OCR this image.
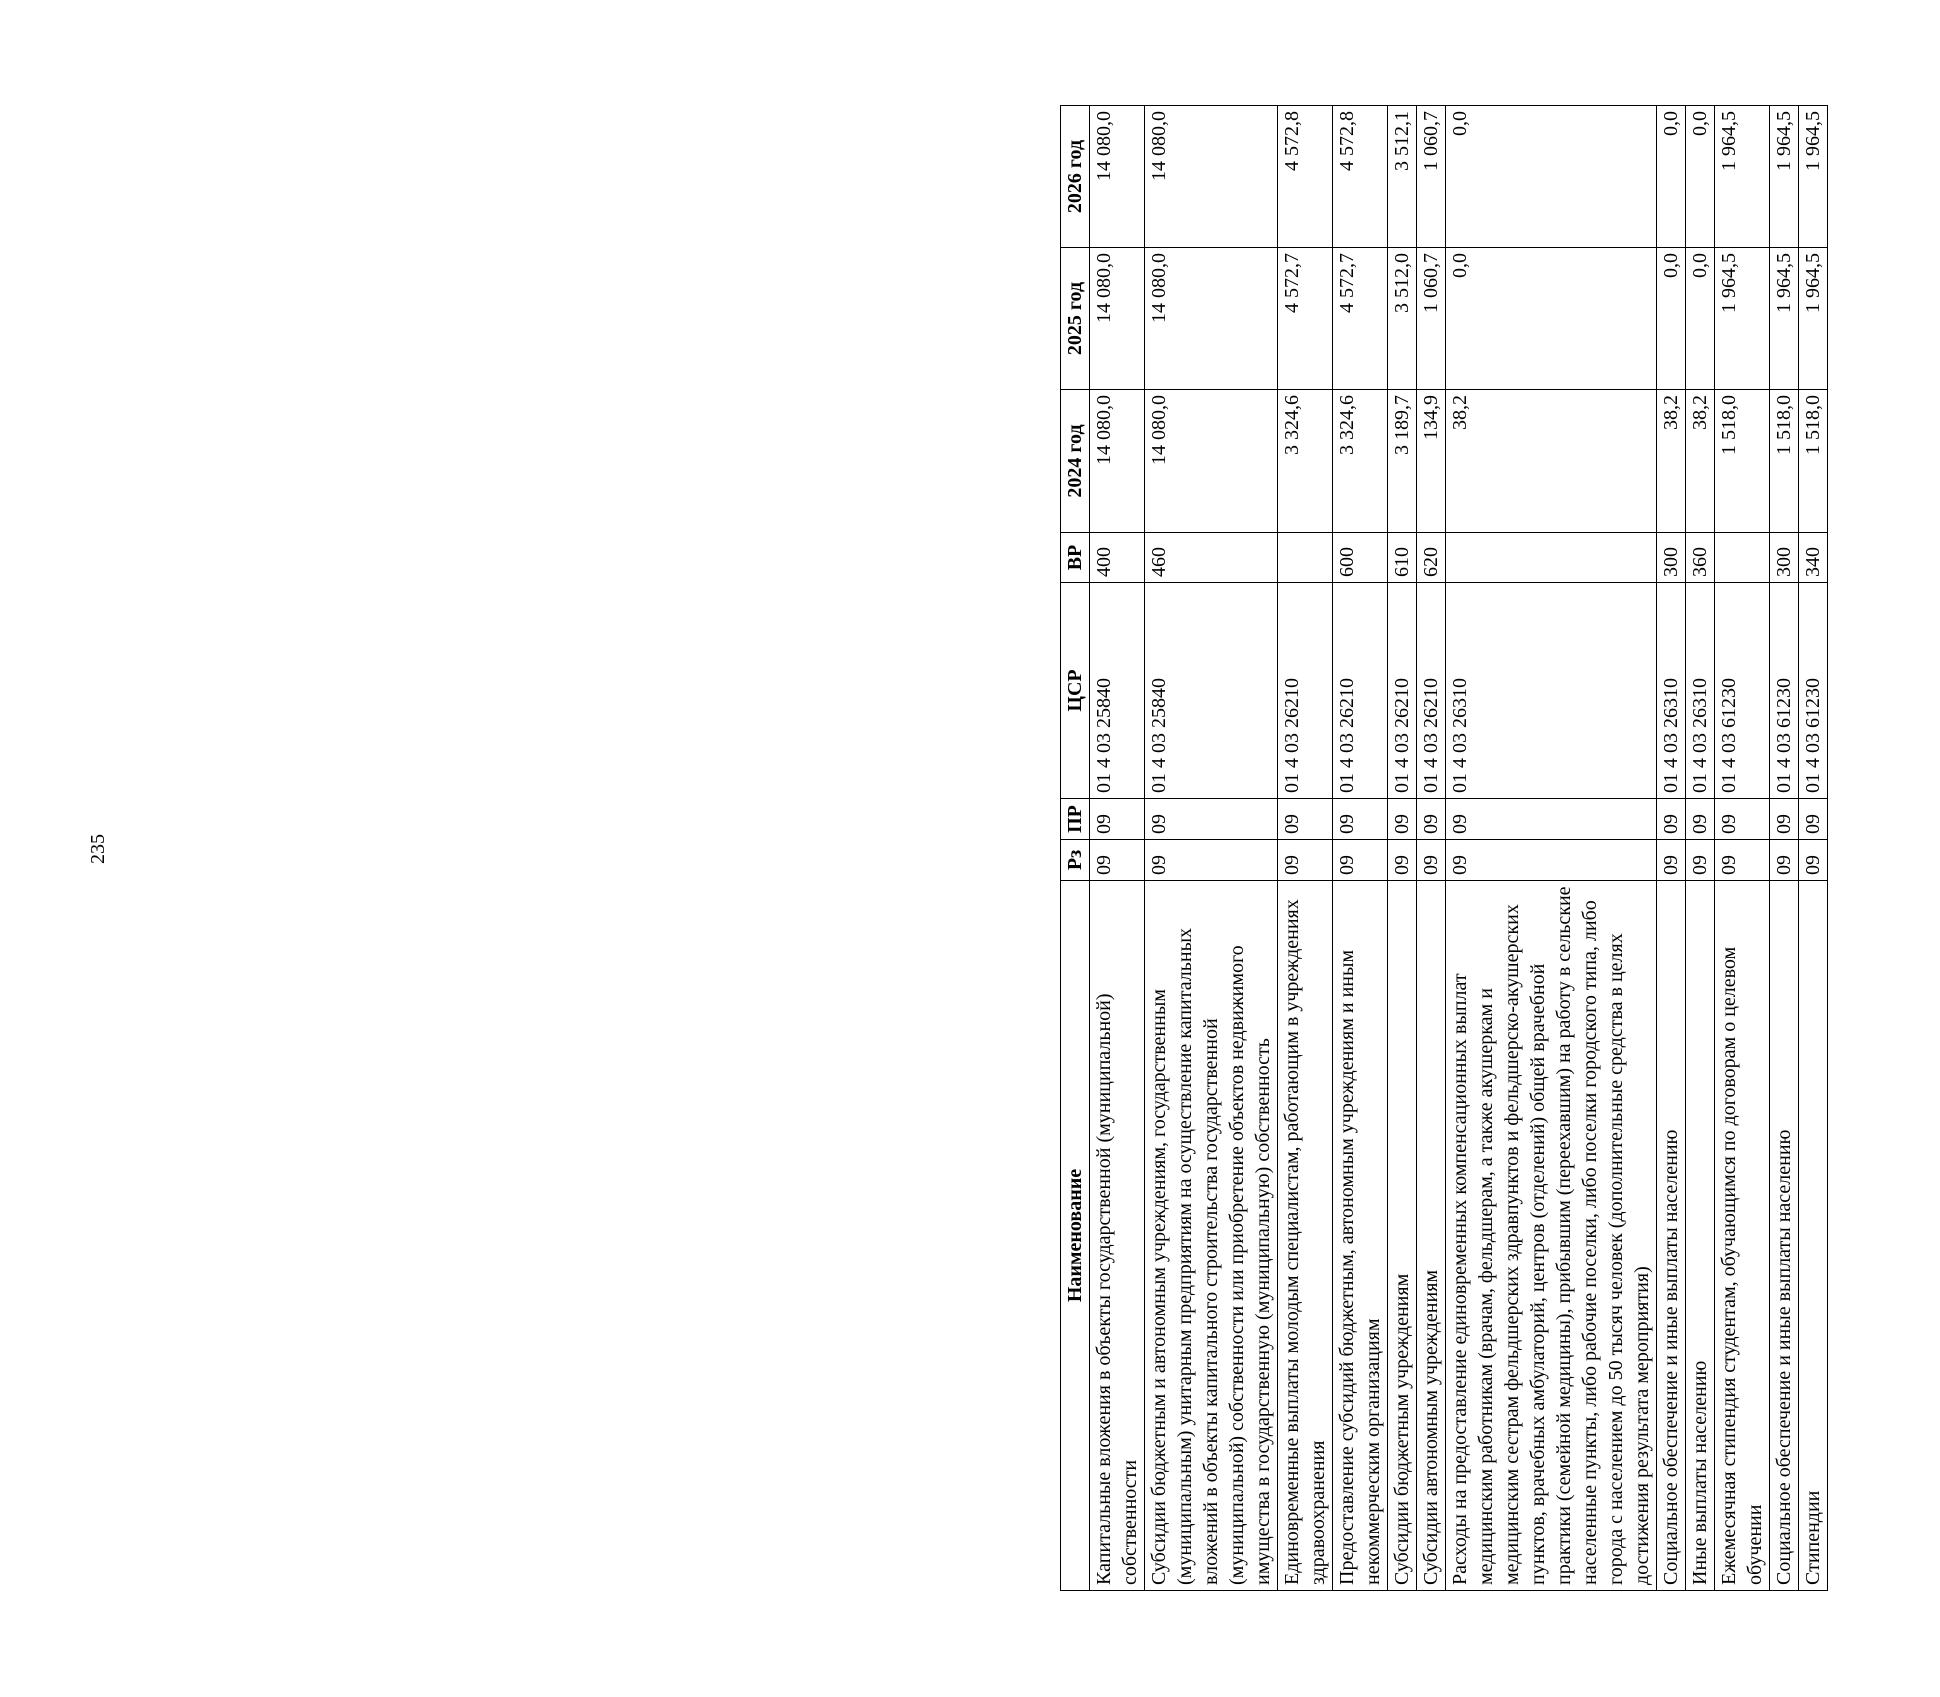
235
Наименование	Рз	ПР	ЦСР	ВР	2024 год	2025 год	2026 год
Капитальные вложения в объекты государственной (муниципальной) собственности	09	09	01 4 03 25840	400	14 080,0	14 080,0	14 080,0
Субсидии бюджетным и автономным учреждениям, государственным (муниципальным) унитарным предприятиям на осуществление капитальных вложений в объекты капитального строительства государственной (муниципальной) собственности или приобретение объектов недвижимого имущества в государственную (муниципальную) собственность	09	09	01 4 03 25840	460	14 080,0	14 080,0	14 080,0
Единовременные выплаты молодым специалистам, работающим в учреждениях здравоохранения	09	09	01 4 03 26210		3 324,6	4 572,7	4 572,8
Предоставление субсидий бюджетным, автономным учреждениям и иным некоммерческим организациям	09	09	01 4 03 26210	600	3 324,6	4 572,7	4 572,8
Субсидии бюджетным учреждениям	09	09	01 4 03 26210	610	3 189,7	3 512,0	3 512,1
Субсидии автономным учреждениям	09	09	01 4 03 26210	620	134,9	1 060,7	1 060,7
Расходы на предоставление единовременных компенсационных выплат медицинским работникам (врачам, фельдшерам, а также акушеркам и медицинским сестрам фельдшерских здравпунктов и фельдшерско-акушерских пунктов, врачебных амбулаторий, центров (отделений) общей врачебной практики (семейной медицины), прибывшим (переехавшим) на работу в сельские населенные пункты, либо рабочие поселки, либо поселки городского типа, либо города с населением до 50 тысяч человек (дополнительные средства в целях достижения результата мероприятия)	09	09	01 4 03 26310		38,2	0,0	0,0
Социальное обеспечение и иные выплаты населению	09	09	01 4 03 26310	300	38,2	0,0	0,0
Иные выплаты населению	09	09	01 4 03 26310	360	38,2	0,0	0,0
Ежемесячная стипендия студентам, обучающимся по договорам о целевом обучении	09	09	01 4 03 61230		1 518,0	1 964,5	1 964,5
Социальное обеспечение и иные выплаты населению	09	09	01 4 03 61230	300	1 518,0	1 964,5	1 964,5
Стипендии	09	09	01 4 03 61230	340	1 518,0	1 964,5	1 964,5
